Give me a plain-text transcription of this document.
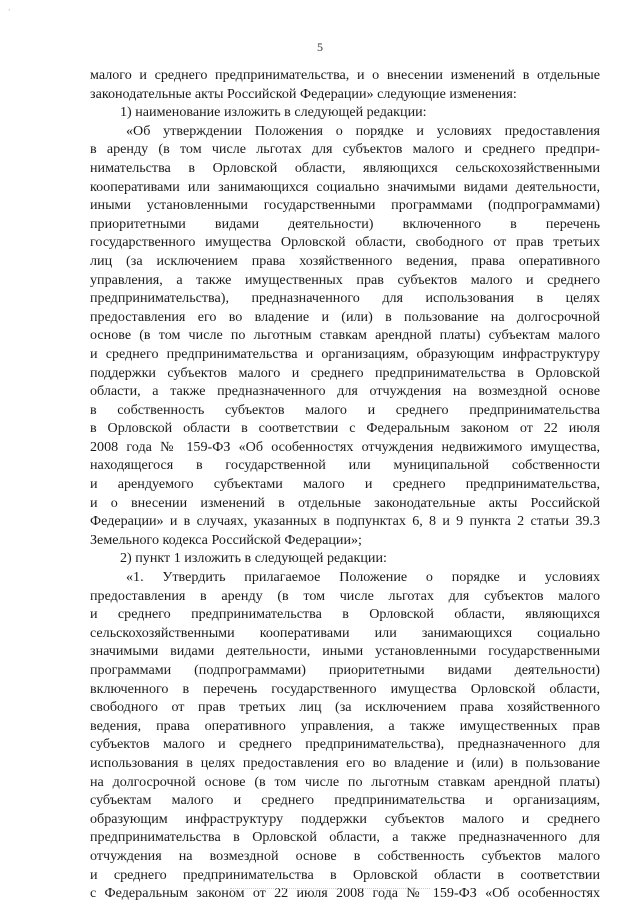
ˊ
5
малого и среднего предпринимательства, и о внесении изменений в отдельные
законодательные акты Российской Федерации» следующие изменения:
1) наименование изложить в следующей редакции:
«Об утверждении Положения о порядке и условиях предоставления
в аренду (в том числе льготах для субъектов малого и среднего предпри-
нимательства в Орловской области, являющихся сельскохозяйственными
кооперативами или занимающихся социально значимыми видами деятельности,
иными установленными государственными программами (подпрограммами)
приоритетными видами деятельности) включенного в перечень
государственного имущества Орловской области, свободного от прав третьих
лиц (за исключением права хозяйственного ведения, права оперативного
управления, а также имущественных прав субъектов малого и среднего
предпринимательства), предназначенного для использования в целях
предоставления его во владение и (или) в пользование на долгосрочной
основе (в том числе по льготным ставкам арендной платы) субъектам малого
и среднего предпринимательства и организациям, образующим инфраструктуру
поддержки субъектов малого и среднего предпринимательства в Орловской
области, а также предназначенного для отчуждения на возмездной основе
в собственность субъектов малого и среднего предпринимательства
в Орловской области в соответствии с Федеральным законом от 22 июля
2008 года № 159-ФЗ «Об особенностях отчуждения недвижимого имущества,
находящегося в государственной или муниципальной собственности
и арендуемого субъектами малого и среднего предпринимательства,
и о внесении изменений в отдельные законодательные акты Российской
Федерации» и в случаях, указанных в подпунктах 6, 8 и 9 пункта 2 статьи 39.3
Земельного кодекса Российской Федерации»;
2) пункт 1 изложить в следующей редакции:
«1. Утвердить прилагаемое Положение о порядке и условиях
предоставления в аренду (в том числе льготах для субъектов малого
и среднего предпринимательства в Орловской области, являющихся
сельскохозяйственными кооперативами или занимающихся социально
значимыми видами деятельности, иными установленными государственными
программами (подпрограммами) приоритетными видами деятельности)
включенного в перечень государственного имущества Орловской области,
свободного от прав третьих лиц (за исключением права хозяйственного
ведения, права оперативного управления, а также имущественных прав
субъектов малого и среднего предпринимательства), предназначенного для
использования в целях предоставления его во владение и (или) в пользование
на долгосрочной основе (в том числе по льготным ставкам арендной платы)
субъектам малого и среднего предпринимательства и организациям,
образующим инфраструктуру поддержки субъектов малого и среднего
предпринимательства в Орловской области, а также предназначенного для
отчуждения на возмездной основе в собственность субъектов малого
и среднего предпринимательства в Орловской области в соответствии
с Федеральным законом от 22 июля 2008 года № 159-ФЗ «Об особенностях
